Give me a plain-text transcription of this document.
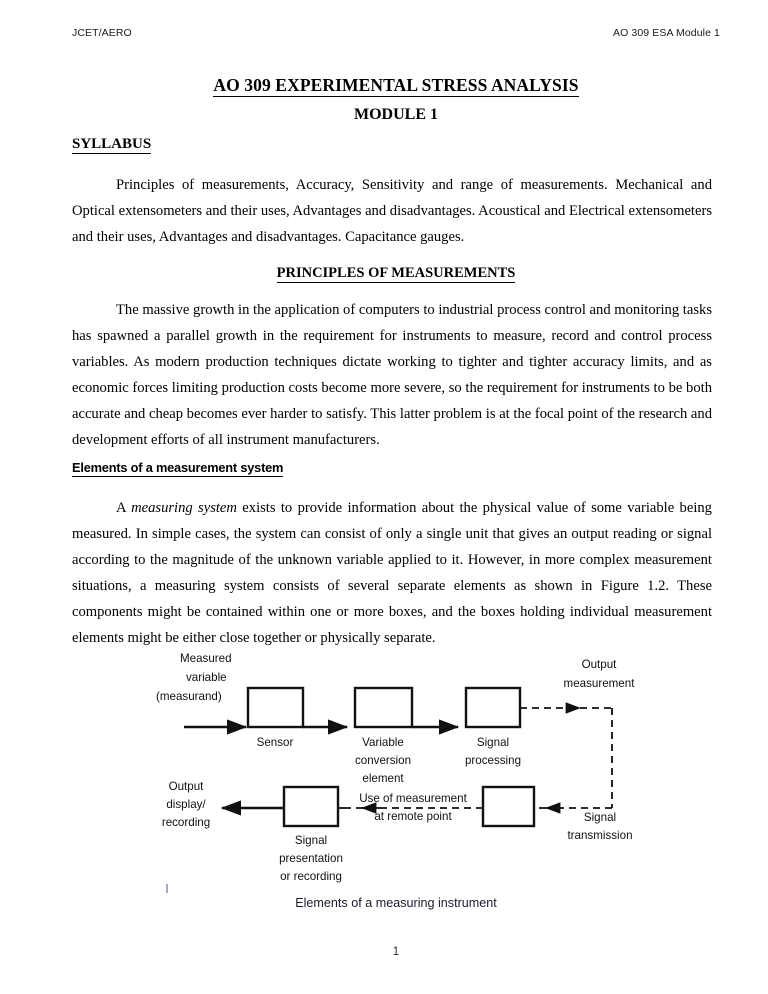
JCET/AERO	AO 309 ESA Module 1
AO 309 EXPERIMENTAL STRESS ANALYSIS
MODULE 1
SYLLABUS
Principles of measurements, Accuracy, Sensitivity and range of measurements. Mechanical and Optical extensometers and their uses, Advantages and disadvantages. Acoustical and Electrical extensometers and their uses, Advantages and disadvantages. Capacitance gauges.
PRINCIPLES OF MEASUREMENTS
The massive growth in the application of computers to industrial process control and monitoring tasks has spawned a parallel growth in the requirement for instruments to measure, record and control process variables. As modern production techniques dictate working to tighter and tighter accuracy limits, and as economic forces limiting production costs become more severe, so the requirement for instruments to be both accurate and cheap becomes ever harder to satisfy. This latter problem is at the focal point of the research and development efforts of all instrument manufacturers.
Elements of a measurement system
A measuring system exists to provide information about the physical value of some variable being measured. In simple cases, the system can consist of only a single unit that gives an output reading or signal according to the magnitude of the unknown variable applied to it. However, in more complex measurement situations, a measuring system consists of several separate elements as shown in Figure 1.2. These components might be contained within one or more boxes, and the boxes holding individual measurement elements might be either close together or physically separate.
Measured
variable
(measurand)
Sensor	Variable
conversion
element
Signal
processing
Output
measurement
Signal
transmission
Use of measurement
at remote point
Signal
presentation
or recording
Output
display/
recording
Elements of a measuring instrument
1
